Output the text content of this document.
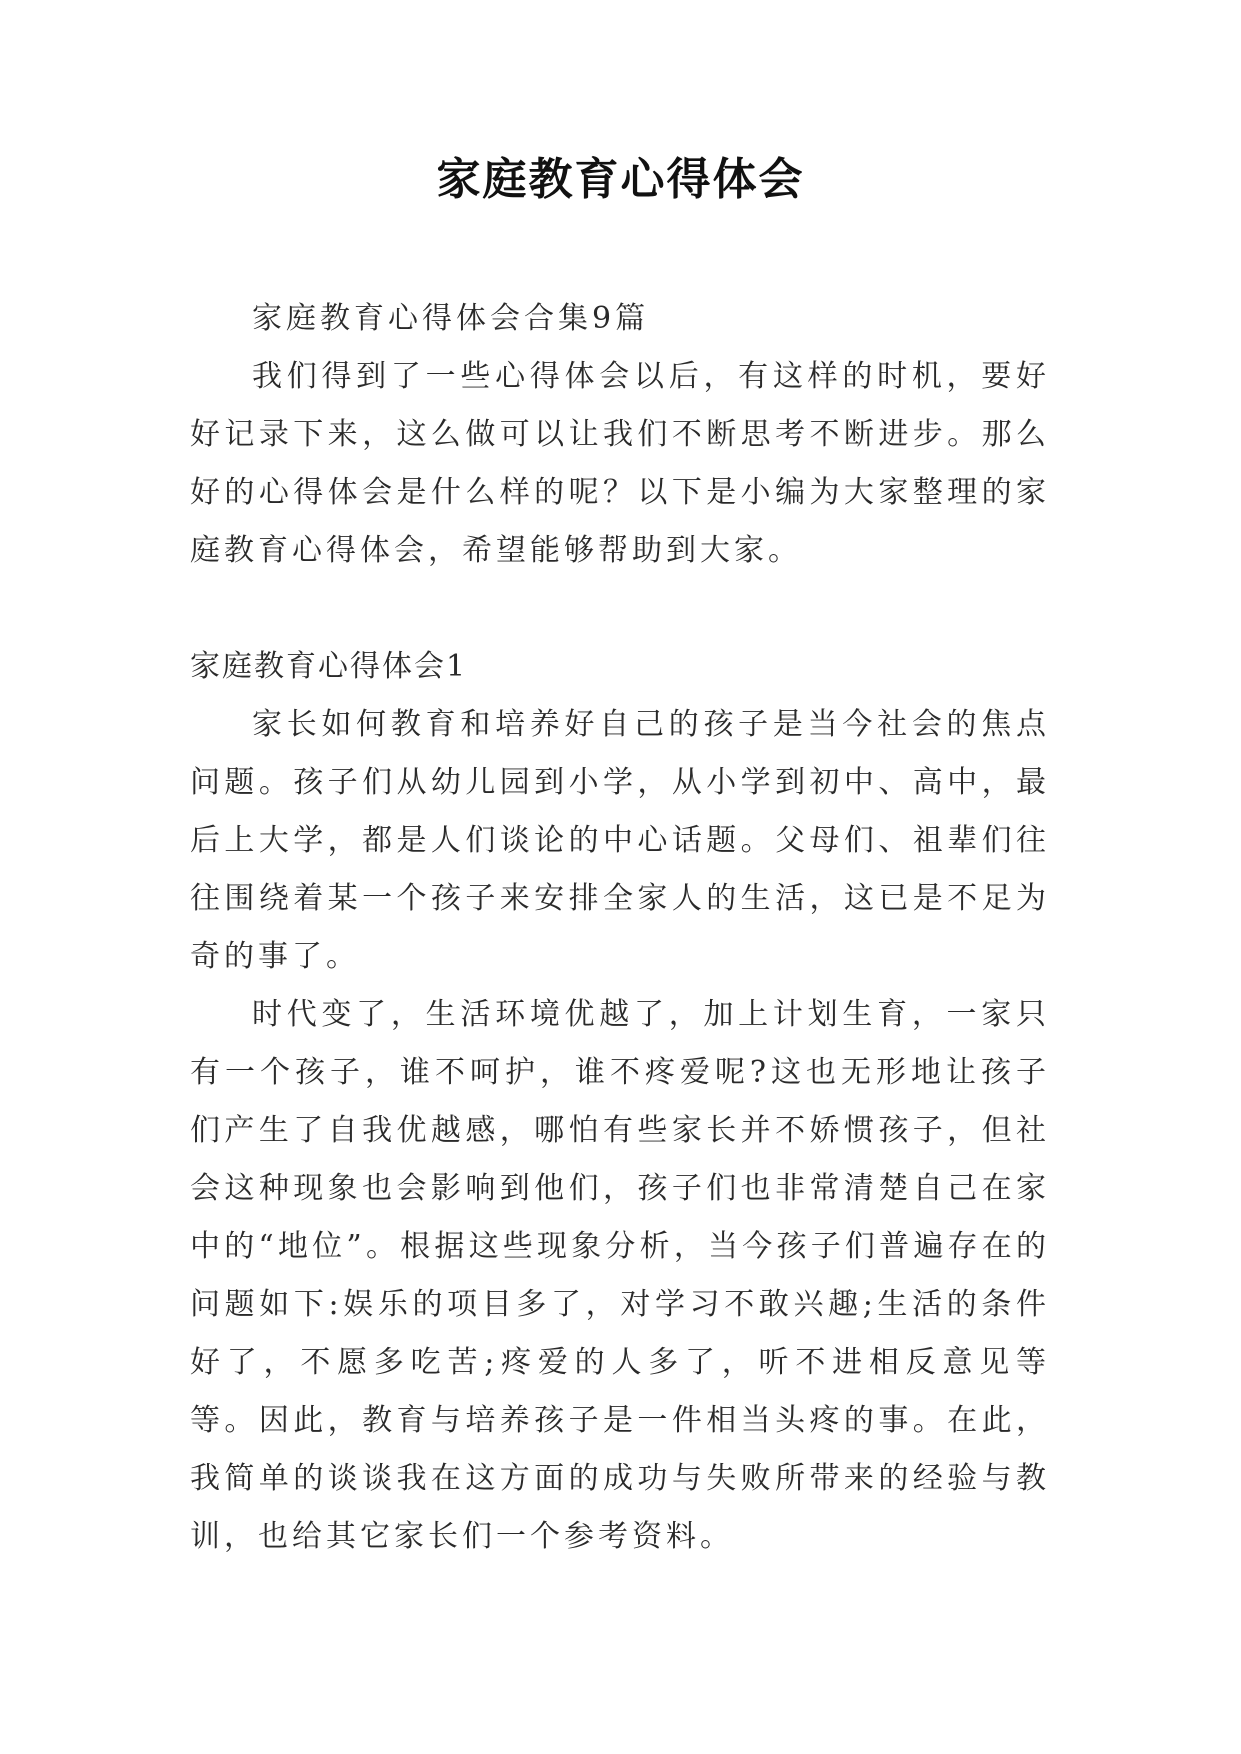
家庭教育心得体会

家庭教育心得体会合集9篇

我们得到了一些心得体会以后，有这样的时机，要好好记录下来，这么做可以让我们不断思考不断进步。那么好的心得体会是什么样的呢？以下是小编为大家整理的家庭教育心得体会，希望能够帮助到大家。

家庭教育心得体会1

家长如何教育和培养好自己的孩子是当今社会的焦点问题。孩子们从幼儿园到小学，从小学到初中、高中，最后上大学，都是人们谈论的中心话题。父母们、祖辈们往往围绕着某一个孩子来安排全家人的生活，这已是不足为奇的事了。

时代变了，生活环境优越了，加上计划生育，一家只有一个孩子，谁不呵护，谁不疼爱呢?这也无形地让孩子们产生了自我优越感，哪怕有些家长并不娇惯孩子，但社会这种现象也会影响到他们，孩子们也非常清楚自己在家中的“地位”。根据这些现象分析，当今孩子们普遍存在的问题如下:娱乐的项目多了，对学习不敢兴趣;生活的条件好了，不愿多吃苦;疼爱的人多了，听不进相反意见等等。因此，教育与培养孩子是一件相当头疼的事。在此，我简单的谈谈我在这方面的成功与失败所带来的经验与教训，也给其它家长们一个参考资料。
